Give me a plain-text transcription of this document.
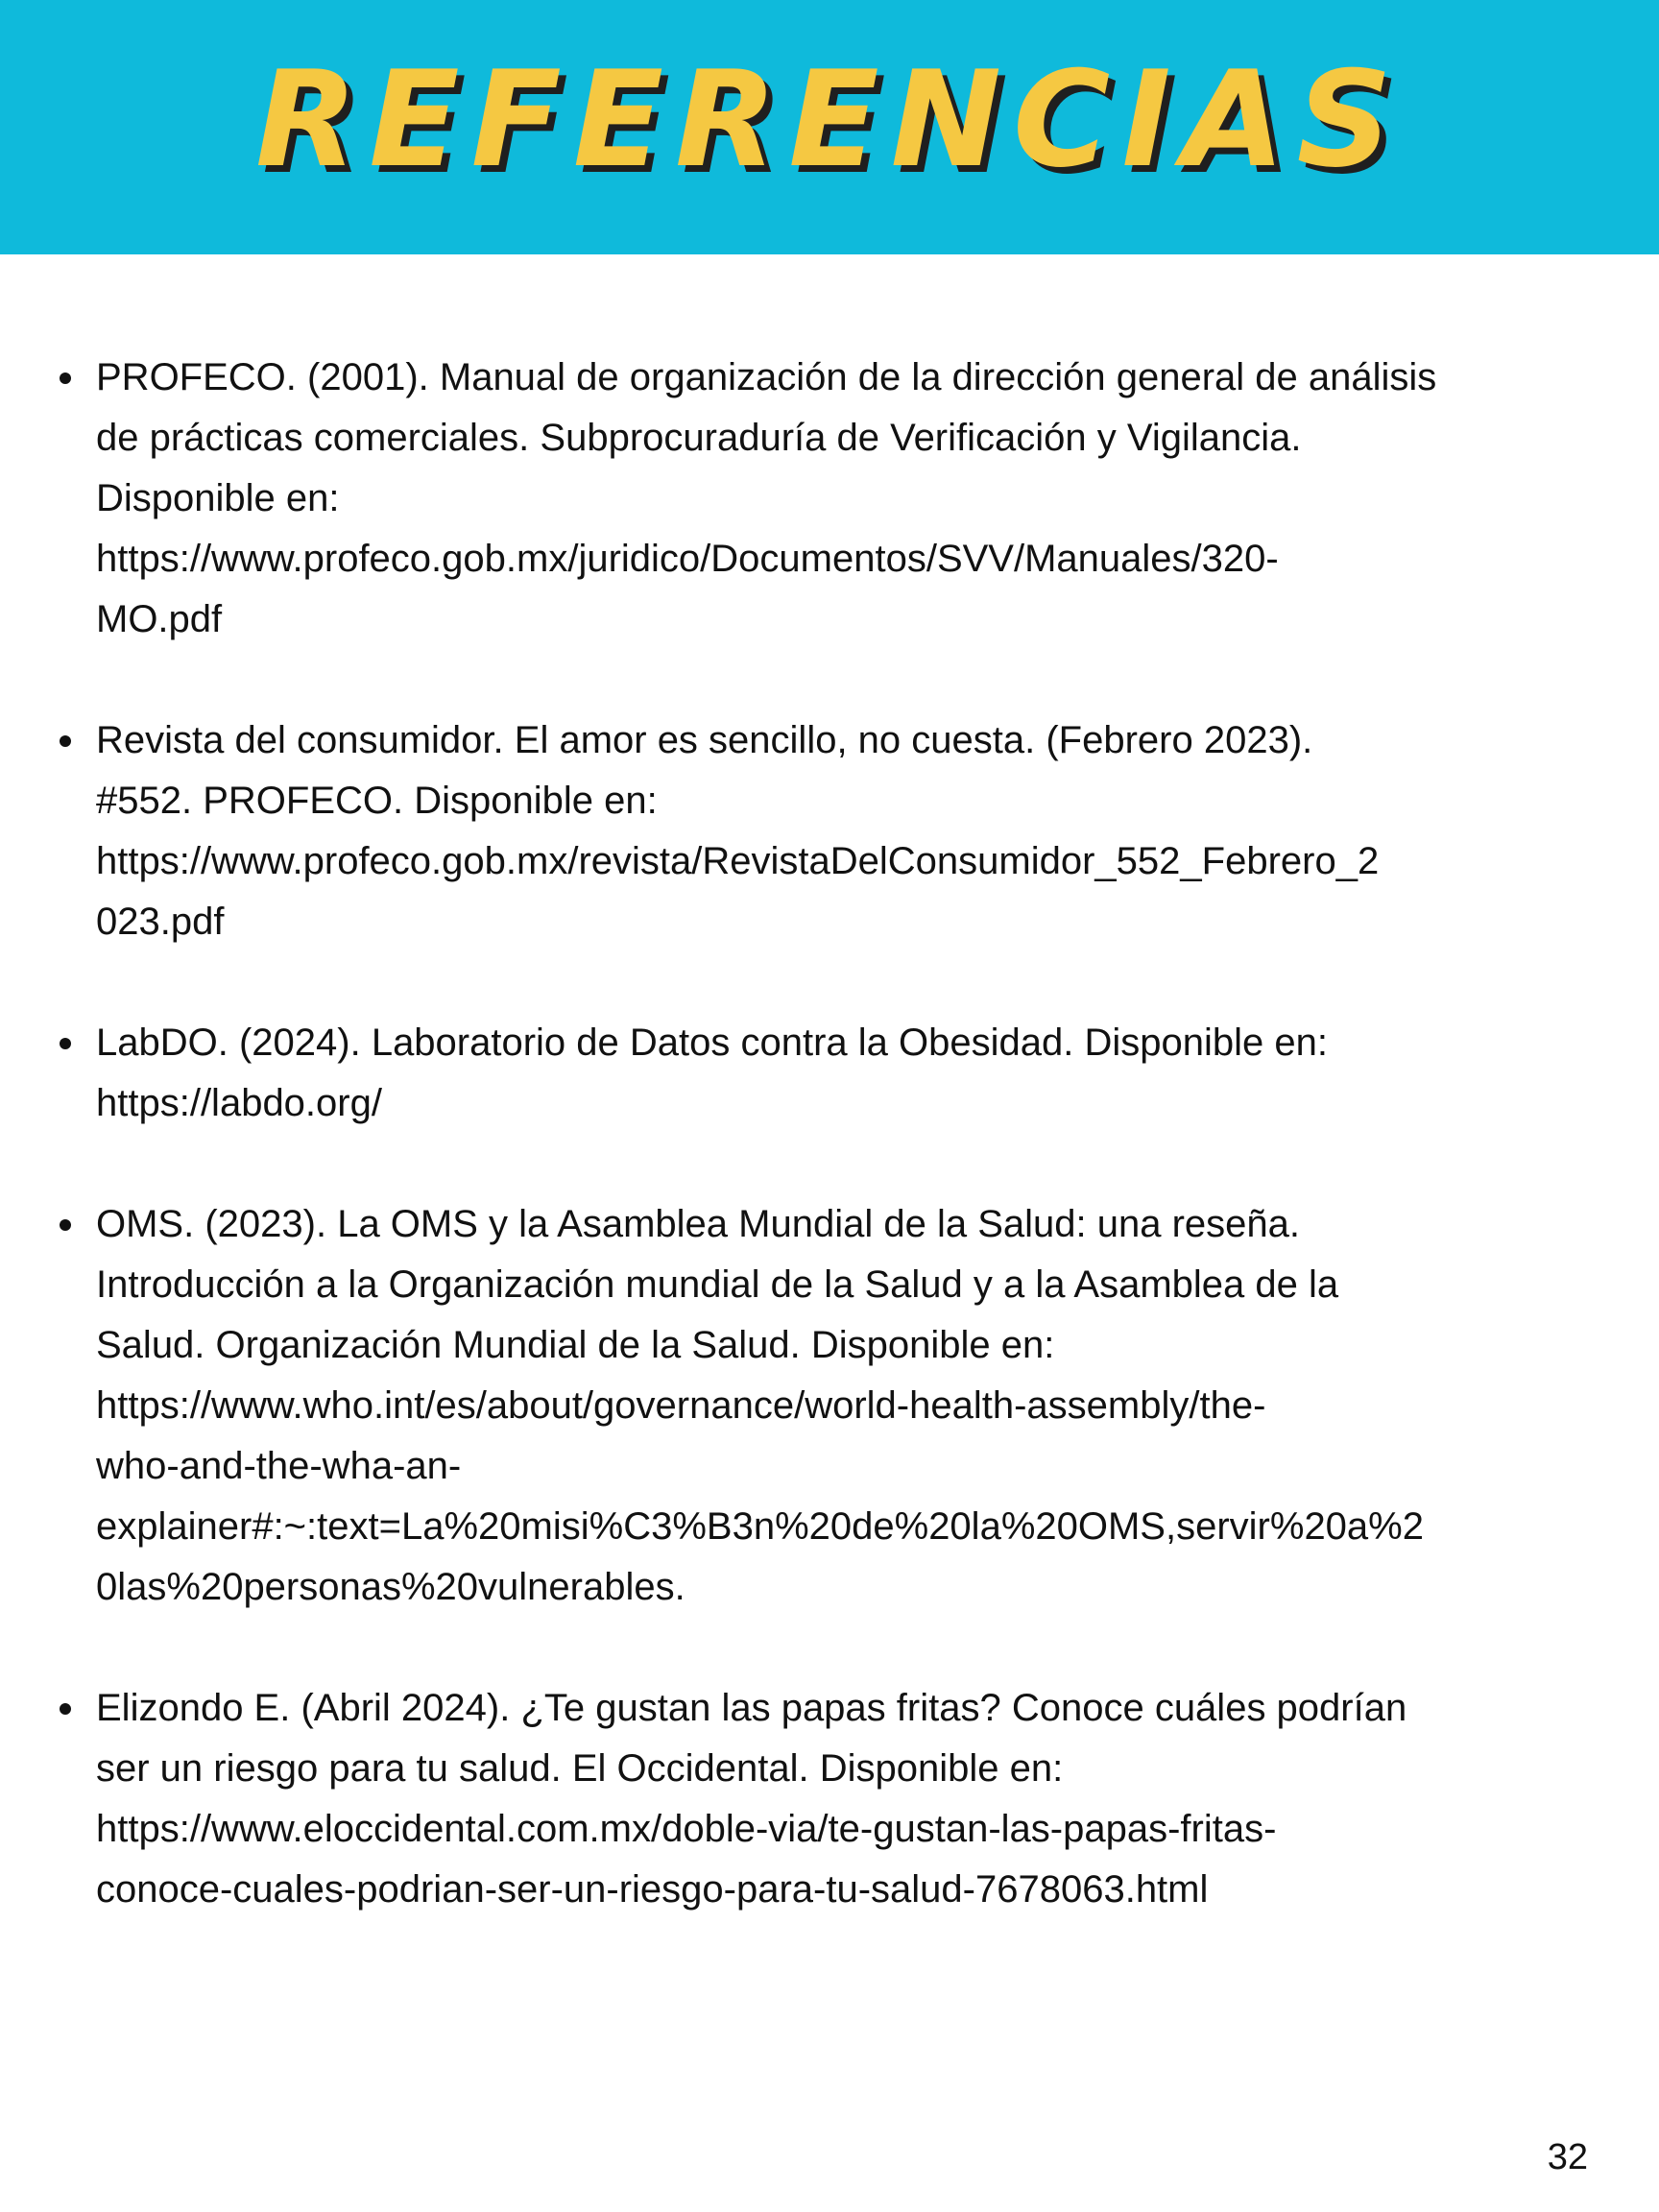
REFERENCIAS
PROFECO. (2001). Manual de organización de la dirección general de análisis
de prácticas comerciales. Subprocuraduría de Verificación y Vigilancia.
Disponible en:
https://www.profeco.gob.mx/juridico/Documentos/SVV/Manuales/320-
MO.pdf
Revista del consumidor. El amor es sencillo, no cuesta. (Febrero 2023).
#552. PROFECO. Disponible en:
https://www.profeco.gob.mx/revista/RevistaDelConsumidor_552_Febrero_2
023.pdf
LabDO. (2024). Laboratorio de Datos contra la Obesidad. Disponible en:
https://labdo.org/
OMS. (2023). La OMS y la Asamblea Mundial de la Salud: una reseña.
Introducción a la Organización mundial de la Salud y a la Asamblea de la
Salud. Organización Mundial de la Salud. Disponible en:
https://www.who.int/es/about/governance/world-health-assembly/the-
who-and-the-wha-an-
explainer#:~:text=La%20misi%C3%B3n%20de%20la%20OMS,servir%20a%2
0las%20personas%20vulnerables.
Elizondo E. (Abril 2024). ¿Te gustan las papas fritas? Conoce cuáles podrían
ser un riesgo para tu salud. El Occidental. Disponible en:
https://www.eloccidental.com.mx/doble-via/te-gustan-las-papas-fritas-
conoce-cuales-podrian-ser-un-riesgo-para-tu-salud-7678063.html
32
